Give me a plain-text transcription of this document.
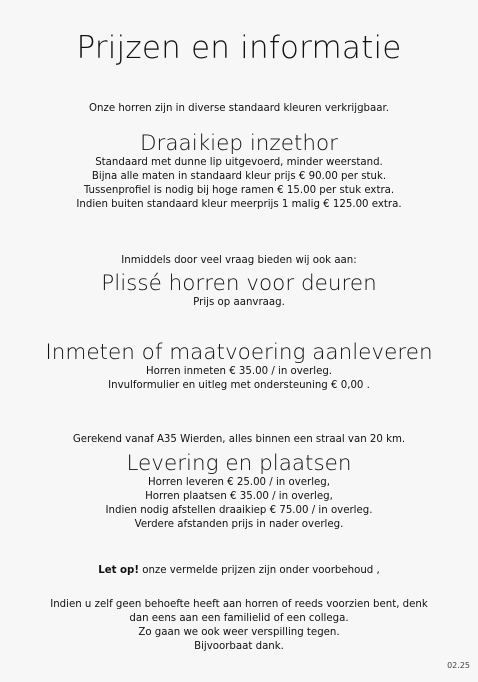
Prijzen en informatie
Onze horren zijn in diverse standaard kleuren verkrijgbaar.
Draaikiep inzethor
Standaard met dunne lip uitgevoerd, minder weerstand.
Bijna alle maten in standaard kleur prijs € 90.00 per stuk.
Tussenprofiel is nodig bij hoge ramen € 15.00 per stuk extra.
Indien buiten standaard kleur meerprijs 1 malig € 125.00 extra.
Inmiddels door veel vraag bieden wij ook aan:
Plissé horren voor deuren
Prijs op aanvraag.
Inmeten of maatvoering aanleveren
Horren inmeten € 35.00 / in overleg.
Invulformulier en uitleg met ondersteuning € 0,00 .
Gerekend vanaf A35 Wierden, alles binnen een straal van 20 km.
Levering en plaatsen
Horren leveren € 25.00 / in overleg,
Horren plaatsen € 35.00 / in overleg,
Indien nodig afstellen draaikiep € 75.00 / in overleg.
Verdere afstanden prijs in nader overleg.
Let op! onze vermelde prijzen zijn onder voorbehoud ,
Indien u zelf geen behoefte heeft aan horren of reeds voorzien bent, denk
dan eens aan een familielid of een collega.
Zo gaan we ook weer verspilling tegen.
Bijvoorbaat dank.
02.25
